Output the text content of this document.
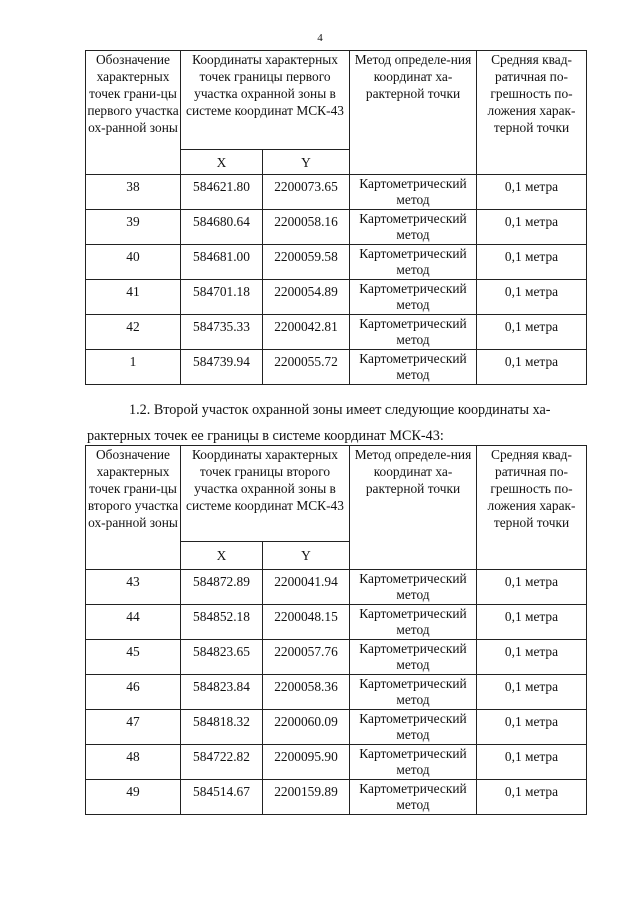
4
Обозначение характерных точек грани-цы первого участка ох-ранной зоны	Координаты характерных точек границы первого участка охранной зоны в системе координат МСК-43		Метод определе-ния координат ха-рактерной точки	Средняя квад-ратичная по-грешность по-ложения харак-терной точки
	X	Y		
38	584621.80	2200073.65	Картометрический метод	0,1 метра
39	584680.64	2200058.16	Картометрический метод	0,1 метра
40	584681.00	2200059.58	Картометрический метод	0,1 метра
41	584701.18	2200054.89	Картометрический метод	0,1 метра
42	584735.33	2200042.81	Картометрический метод	0,1 метра
1	584739.94	2200055.72	Картометрический метод	0,1 метра
1.2. Второй участок охранной зоны имеет следующие координаты ха-
рактерных точек ее границы в системе координат МСК-43:
Обозначение характерных точек грани-цы второго участка ох-ранной зоны	Координаты характерных точек границы второго участка охранной зоны в системе координат МСК-43		Метод определе-ния координат ха-рактерной точки	Средняя квад-ратичная по-грешность по-ложения харак-терной точки
	X	Y		
43	584872.89	2200041.94	Картометрический метод	0,1 метра
44	584852.18	2200048.15	Картометрический метод	0,1 метра
45	584823.65	2200057.76	Картометрический метод	0,1 метра
46	584823.84	2200058.36	Картометрический метод	0,1 метра
47	584818.32	2200060.09	Картометрический метод	0,1 метра
48	584722.82	2200095.90	Картометрический метод	0,1 метра
49	584514.67	2200159.89	Картометрический метод	0,1 метра
